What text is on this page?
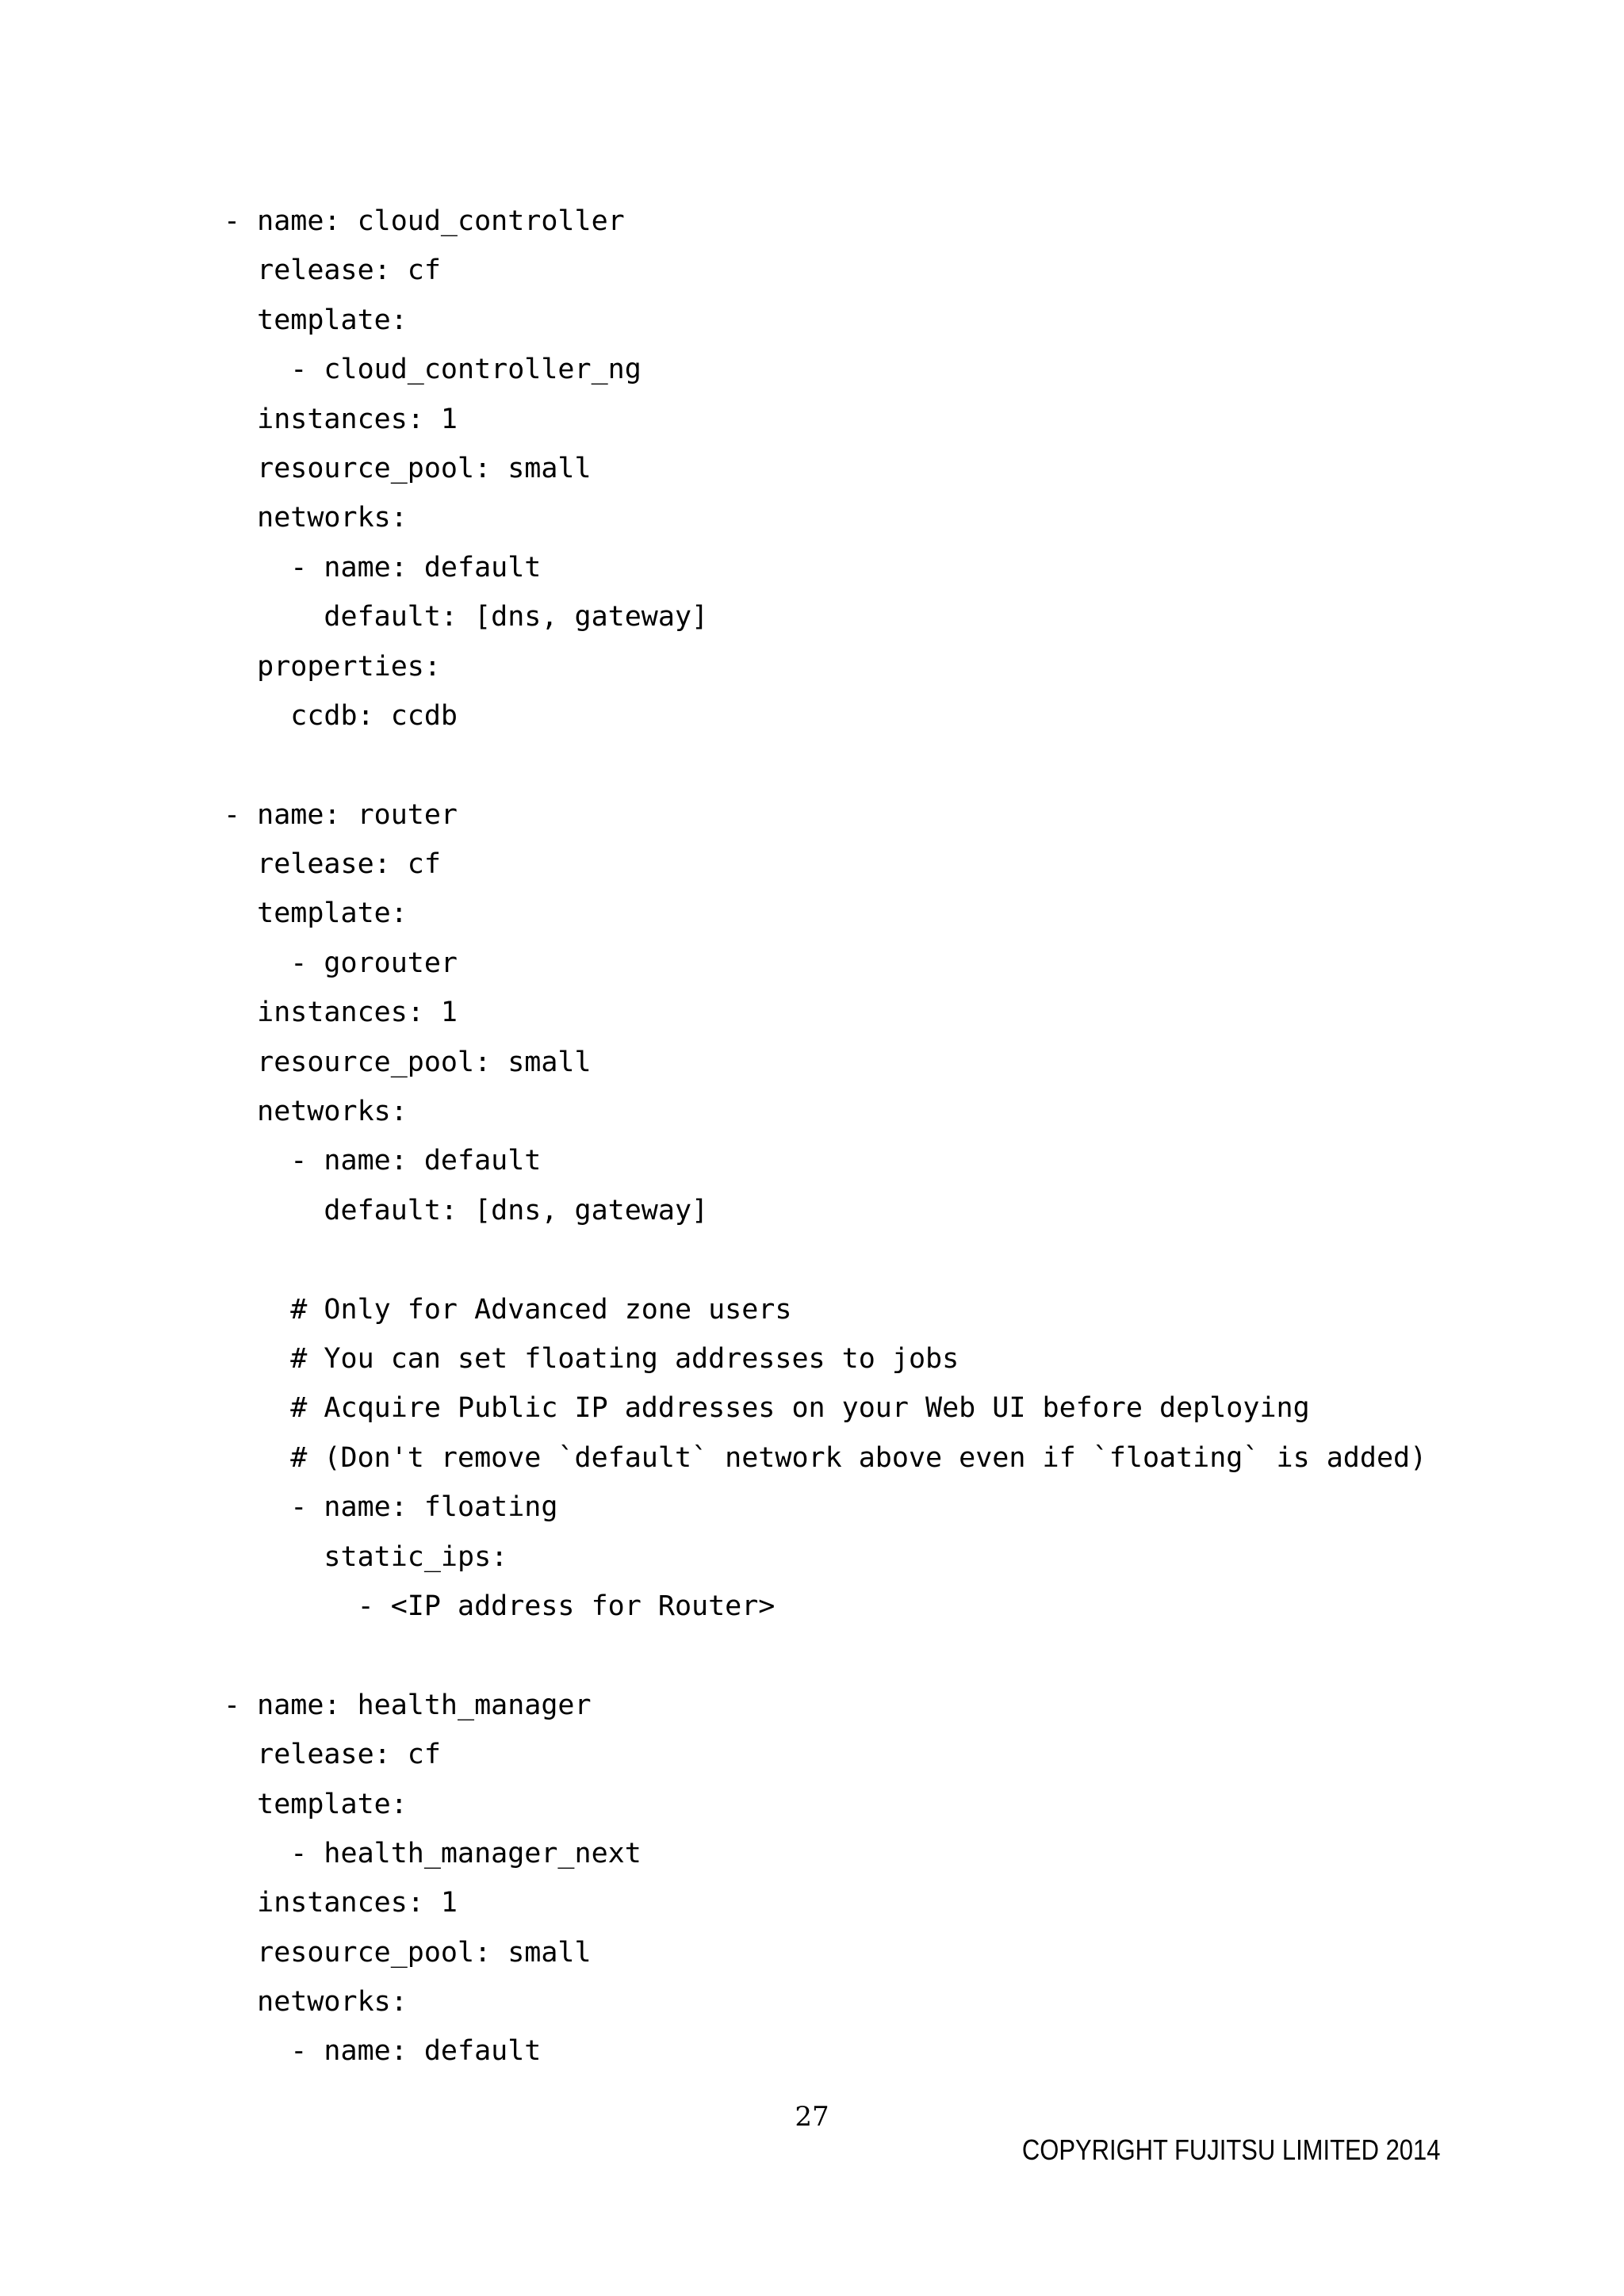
- name: cloud_controller
release: cf
template:
- cloud_controller_ng
instances: 1
resource_pool: small
networks:
- name: default
default: [dns, gateway]
properties:
ccdb: ccdb
- name: router
release: cf
template:
- gorouter
instances: 1
resource_pool: small
networks:
- name: default
default: [dns, gateway]
# Only for Advanced zone users
# You can set floating addresses to jobs
# Acquire Public IP addresses on your Web UI before deploying
# (Don't remove `default` network above even if `floating` is added)
- name: floating
static_ips:
- <IP address for Router>
- name: health_manager
release: cf
template:
- health_manager_next
instances: 1
resource_pool: small
networks:
- name: default
27
COPYRIGHT FUJITSU LIMITED 2014
